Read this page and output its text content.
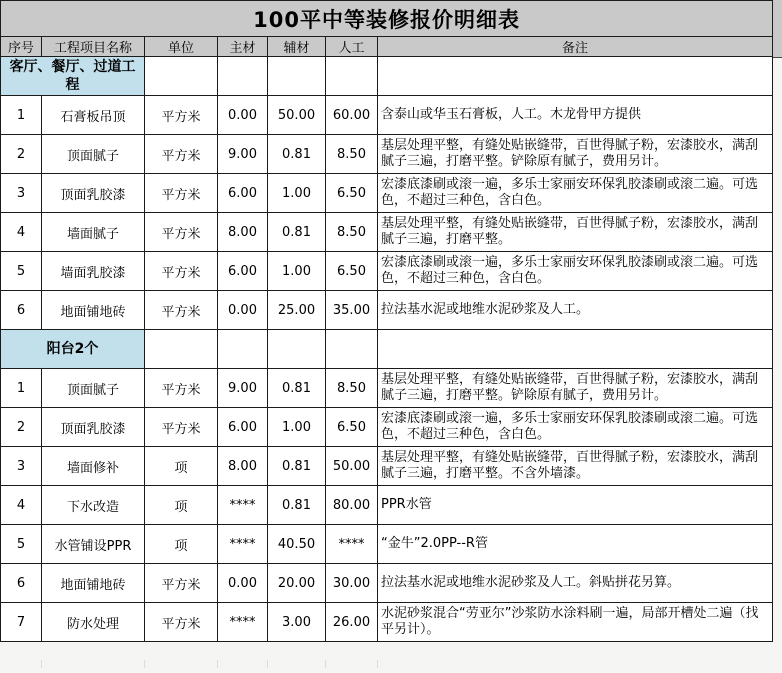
100平中等装修报价明细表						
序号	工程项目名称	单位	主材	辅材	人工	备注
客厅、餐厅、过道工程						
1	石膏板吊顶	平方米	0.00	50.00	60.00	含泰山或华玉石膏板，人工。木龙骨甲方提供
2	顶面腻子	平方米	9.00	0.81	8.50	基层处理平整，有缝处贴嵌缝带，百世得腻子粉，宏漆胶水，满刮腻子三遍，打磨平整。铲除原有腻子，费用另计。
3	顶面乳胶漆	平方米	6.00	1.00	6.50	宏漆底漆刷或滚一遍，多乐士家丽安环保乳胶漆刷或滚二遍。可选色，不超过三种色，含白色。
4	墙面腻子	平方米	8.00	0.81	8.50	基层处理平整，有缝处贴嵌缝带，百世得腻子粉，宏漆胶水，满刮腻子三遍，打磨平整。
5	墙面乳胶漆	平方米	6.00	1.00	6.50	宏漆底漆刷或滚一遍，多乐士家丽安环保乳胶漆刷或滚二遍。可选色，不超过三种色，含白色。
6	地面铺地砖	平方米	0.00	25.00	35.00	拉法基水泥或地维水泥砂浆及人工。
阳台2个						
1	顶面腻子	平方米	9.00	0.81	8.50	基层处理平整，有缝处贴嵌缝带，百世得腻子粉，宏漆胶水，满刮腻子三遍，打磨平整。铲除原有腻子，费用另计。
2	顶面乳胶漆	平方米	6.00	1.00	6.50	宏漆底漆刷或滚一遍，多乐士家丽安环保乳胶漆刷或滚二遍。可选色，不超过三种色，含白色。
3	墙面修补	项	8.00	0.81	50.00	基层处理平整，有缝处贴嵌缝带，百世得腻子粉，宏漆胶水，满刮腻子三遍，打磨平整。不含外墙漆。
4	下水改造	项	****	0.81	80.00	PPR水管
5	水管铺设PPR	项	****	40.50	****	“金牛”2.0PP--R管
6	地面铺地砖	平方米	0.00	20.00	30.00	拉法基水泥或地维水泥砂浆及人工。斜贴拼花另算。
7	防水处理	平方米	****	3.00	26.00	水泥砂浆混合“劳亚尔”沙浆防水涂料刷一遍，局部开槽处二遍（找平另计）。
